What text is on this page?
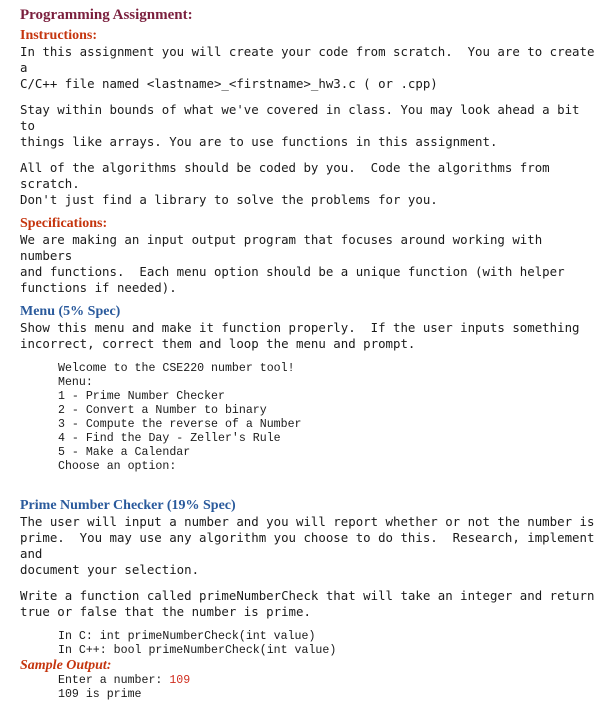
Programming Assignment:
Instructions:

In this assignment you will create your code from scratch.  You are to create a
C/C++ file named <lastname>_<firstname>_hw3.c ( or .cpp)

Stay within bounds of what we've covered in class. You may look ahead a bit to
things like arrays. You are to use functions in this assignment.

All of the algorithms should be coded by you.  Code the algorithms from scratch.
Don't just find a library to solve the problems for you.

Specifications:

We are making an input output program that focuses around working with numbers
and functions.  Each menu option should be a unique function (with helper
functions if needed).

Menu (5% Spec)

Show this menu and make it function properly.  If the user inputs something
incorrect, correct them and loop the menu and prompt.

Welcome to the CSE220 number tool!

Menu:

1 - Prime Number Checker

2 - Convert a Number to binary

3 - Compute the reverse of a Number

4 - Find the Day - Zeller's Rule

5 - Make a Calendar

Choose an option:

Prime Number Checker (19% Spec)

The user will input a number and you will report whether or not the number is
prime.  You may use any algorithm you choose to do this.  Research, implement and
document your selection.

Write a function called primeNumberCheck that will take an integer and return
true or false that the number is prime.

In C: int primeNumberCheck(int value)

In C++: bool primeNumberCheck(int value)

Sample Output:

Enter a number: 109

109 is prime
